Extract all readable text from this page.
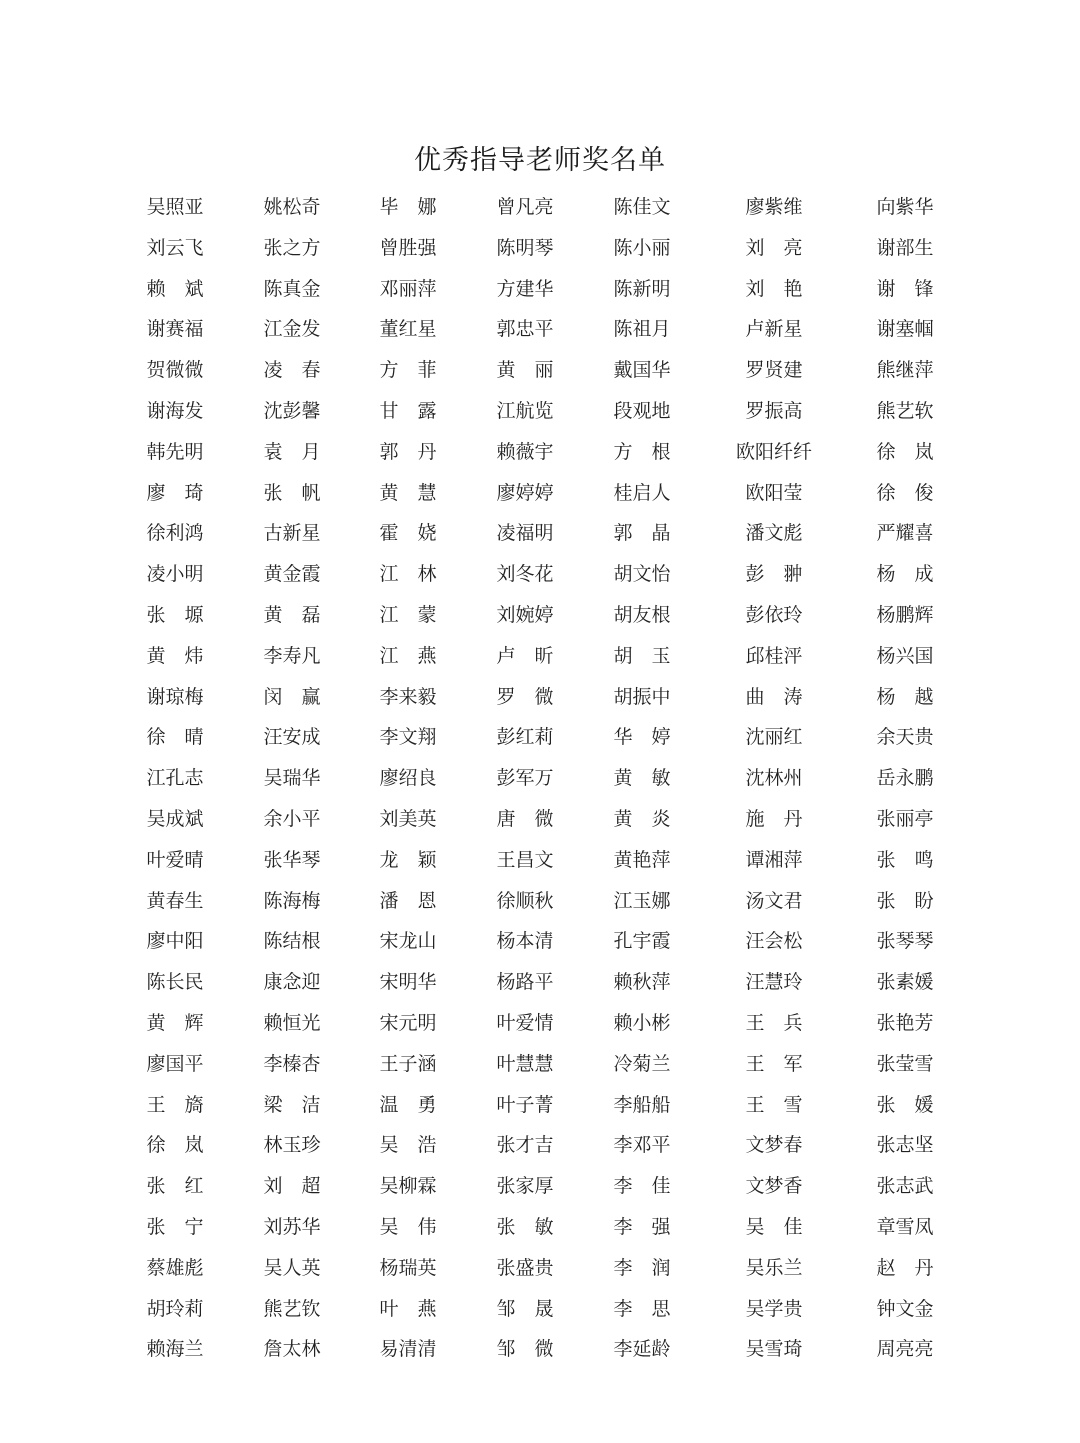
优秀指导老师奖名单
吴照亚	姚松奇	毕　娜	曾凡亮	陈佳文	廖紫维	向紫华
刘云飞	张之方	曾胜强	陈明琴	陈小丽	刘　亮	谢部生
赖　斌	陈真金	邓丽萍	方建华	陈新明	刘　艳	谢　锋
谢赛福	江金发	董红星	郭忠平	陈祖月	卢新星	谢塞帼
贺微微	凌　春	方　菲	黄　丽	戴国华	罗贤建	熊继萍
谢海发	沈彭馨	甘　露	江航览	段观地	罗振高	熊艺软
韩先明	袁　月	郭　丹	赖薇宇	方　根	欧阳纤纤	徐　岚
廖　琦	张　帆	黄　慧	廖婷婷	桂启人	欧阳莹	徐　俊
徐利鸿	古新星	霍　娆	凌福明	郭　晶	潘文彪	严耀喜
凌小明	黄金霞	江　林	刘冬花	胡文怡	彭　翀	杨　成
张　塬	黄　磊	江　蒙	刘婉婷	胡友根	彭依玲	杨鹏辉
黄　炜	李寿凡	江　燕	卢　昕	胡　玉	邱桂泙	杨兴国
谢琼梅	闵　赢	李来毅	罗　微	胡振中	曲　涛	杨　越
徐　晴	汪安成	李文翔	彭红莉	华　婷	沈丽红	余天贵
江孔志	吴瑞华	廖绍良	彭军万	黄　敏	沈林州	岳永鹏
吴成斌	余小平	刘美英	唐　微	黄　炎	施　丹	张丽亭
叶爱晴	张华琴	龙　颖	王昌文	黄艳萍	谭湘萍	张　鸣
黄春生	陈海梅	潘　恩	徐顺秋	江玉娜	汤文君	张　盼
廖中阳	陈结根	宋龙山	杨本清	孔宇霞	汪会松	张琴琴
陈长民	康念迎	宋明华	杨路平	赖秋萍	汪慧玲	张素媛
黄　辉	赖恒光	宋元明	叶爱情	赖小彬	王　兵	张艳芳
廖国平	李榛杏	王子涵	叶慧慧	冷菊兰	王　军	张莹雪
王　旖	梁　洁	温　勇	叶子菁	李船船	王　雪	张　媛
徐　岚	林玉珍	吴　浩	张才吉	李邓平	文梦春	张志坚
张　红	刘　超	吴柳霖	张家厚	李　佳	文梦香	张志武
张　宁	刘苏华	吴　伟	张　敏	李　强	吴　佳	章雪凤
蔡雄彪	吴人英	杨瑞英	张盛贵	李　润	吴乐兰	赵　丹
胡玲莉	熊艺钦	叶　燕	邹　晟	李　思	吴学贵	钟文金
赖海兰	詹太林	易清清	邹　微	李延龄	吴雪琦	周亮亮
